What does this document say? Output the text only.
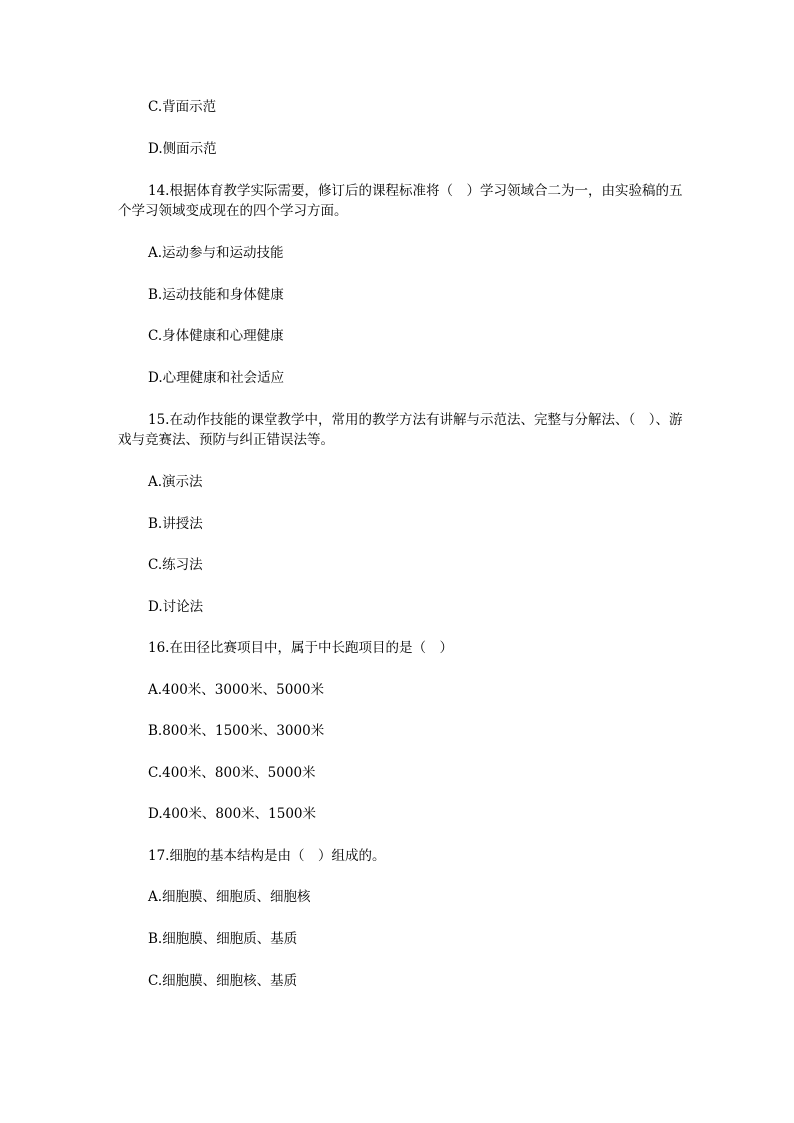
C.背面示范
D.侧面示范
14.根据体育教学实际需要，修订后的课程标准将（　）学习领域合二为一，由实验稿的五个学习领域变成现在的四个学习方面。
A.运动参与和运动技能
B.运动技能和身体健康
C.身体健康和心理健康
D.心理健康和社会适应
15.在动作技能的课堂教学中，常用的教学方法有讲解与示范法、完整与分解法、（　）、游戏与竞赛法、预防与纠正错误法等。
A.演示法
B.讲授法
C.练习法
D.讨论法
16.在田径比赛项目中，属于中长跑项目的是（　）
A.400米、3000米、5000米
B.800米、1500米、3000米
C.400米、800米、5000米
D.400米、800米、1500米
17.细胞的基本结构是由（　）组成的。
A.细胞膜、细胞质、细胞核
B.细胞膜、细胞质、基质
C.细胞膜、细胞核、基质
